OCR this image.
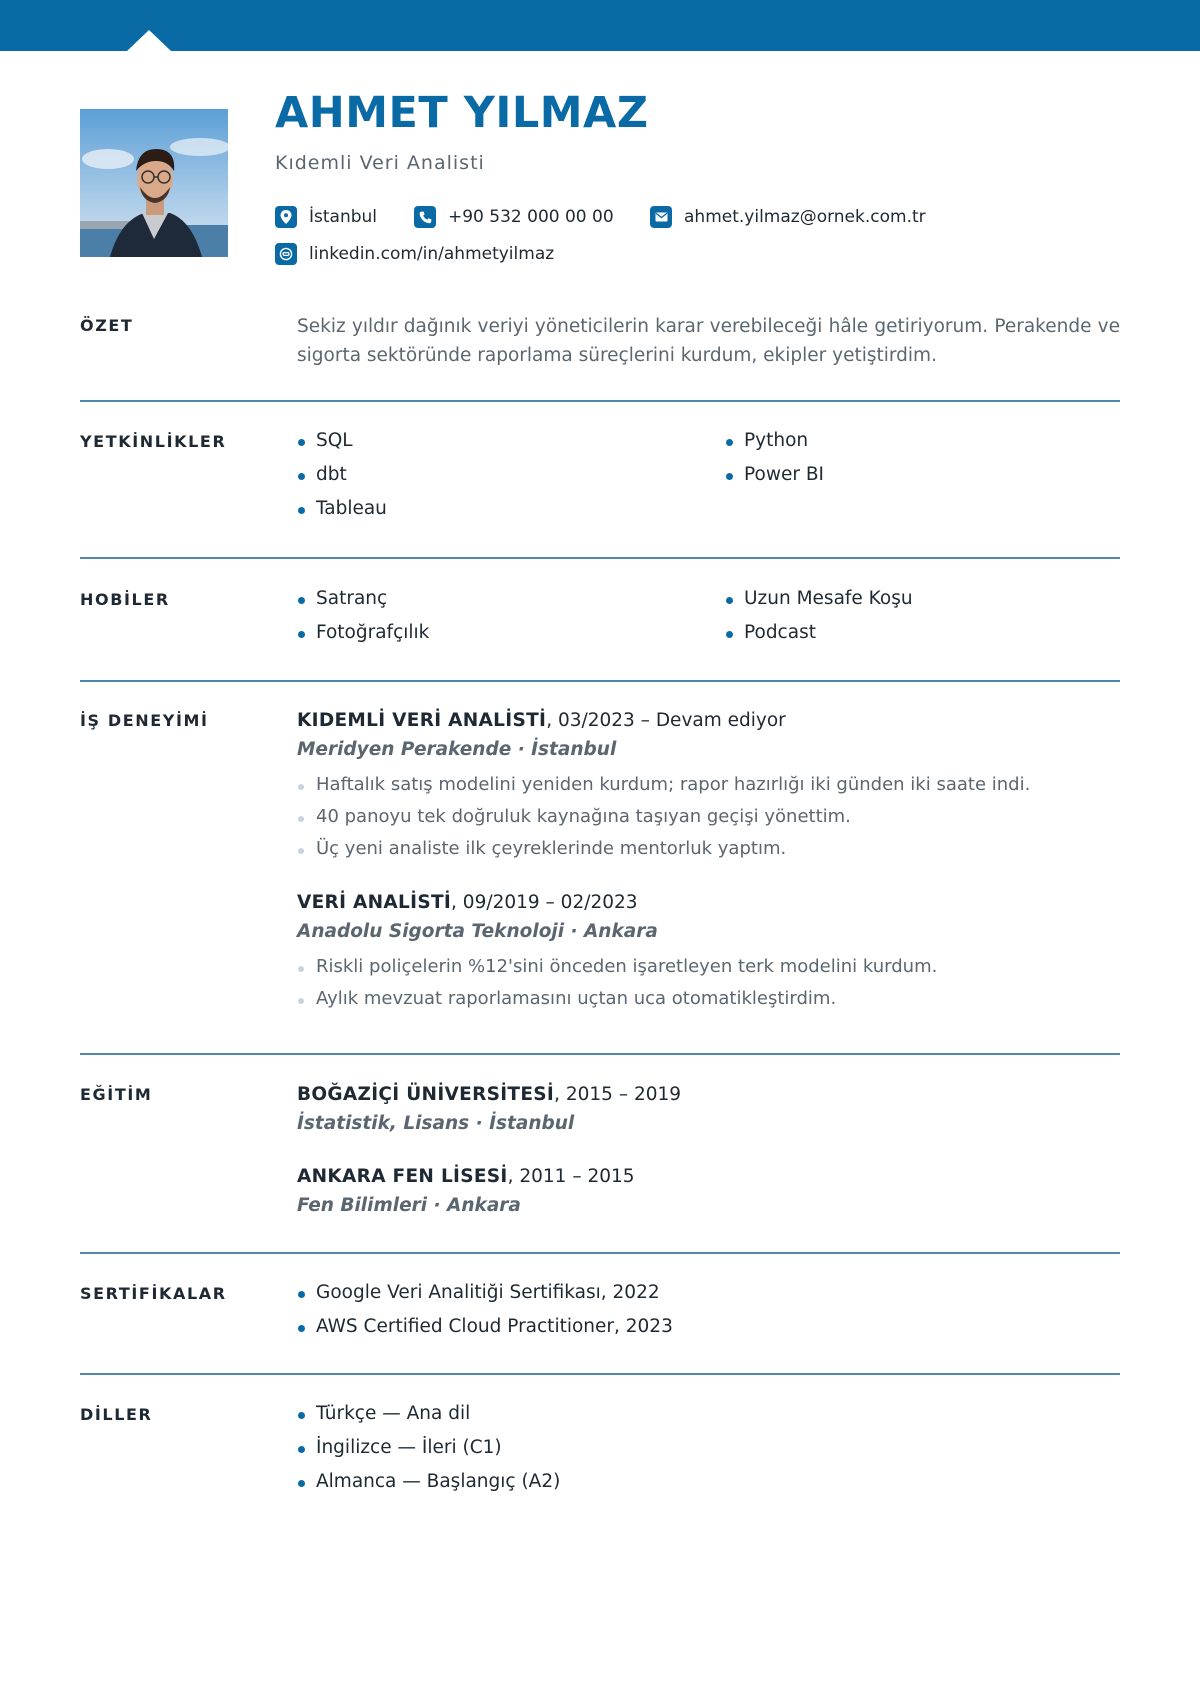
AHMET YILMAZ
Kıdemli Veri Analisti
İstanbul	+90 532 000 00 00	ahmet.yilmaz@ornek.com.tr
linkedin.com/in/ahmetyilmaz
ÖZET	Sekiz yıldır dağınık veriyi yöneticilerin karar verebileceği hâle getiriyorum. Perakende ve sigorta sektöründe raporlama süreçlerini kurdum, ekipler yetiştirdim.

YETKİNLİKLER	SQL
dbt
Tableau
Python
Power BI
HOBİLER	Satranç
Fotoğrafçılık
Uzun Mesafe Koşu
Podcast
İŞ DENEYİMİ	KIDEMLİ VERİ ANALİSTİ, 03/2023 – Devam ediyor
Meridyen Perakende · İstanbul
Haftalık satış modelini yeniden kurdum; rapor hazırlığı iki günden iki saate indi.
40 panoyu tek doğruluk kaynağına taşıyan geçişi yönettim.
Üç yeni analiste ilk çeyreklerinde mentorluk yaptım.
VERİ ANALİSTİ, 09/2019 – 02/2023
Anadolu Sigorta Teknoloji · Ankara
Riskli poliçelerin %12'sini önceden işaretleyen terk modelini kurdum.
Aylık mevzuat raporlamasını uçtan uca otomatikleştirdim.
EĞİTİM	BOĞAZİÇİ ÜNİVERSİTESİ, 2015 – 2019
İstatistik, Lisans · İstanbul
ANKARA FEN LİSESİ, 2011 – 2015
Fen Bilimleri · Ankara
SERTİFİKALAR	Google Veri Analitiği Sertifikası, 2022
AWS Certified Cloud Practitioner, 2023
DİLLER	Türkçe — Ana dil
İngilizce — İleri (C1)
Almanca — Başlangıç (A2)
